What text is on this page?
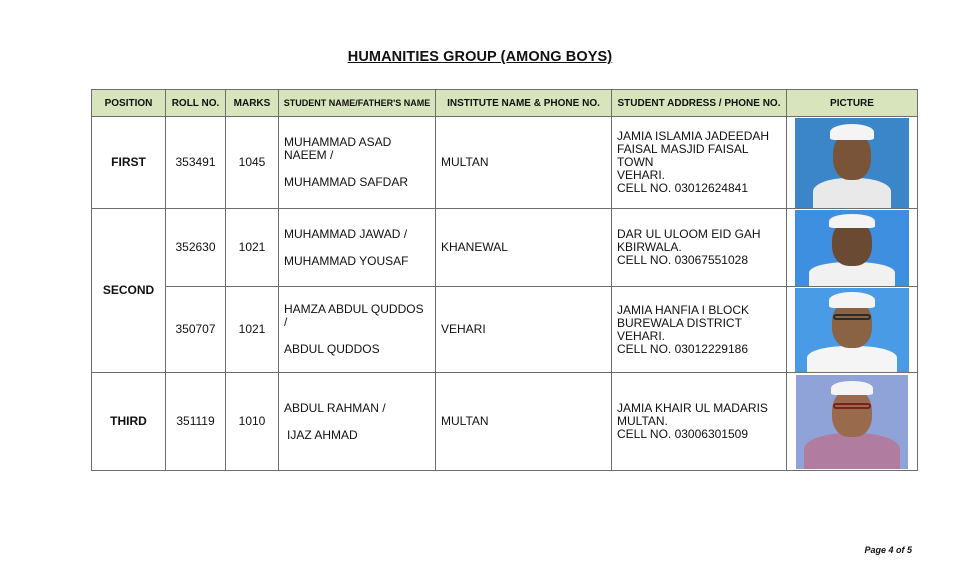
HUMANITIES GROUP (AMONG BOYS)
POSITION	ROLL NO.	MARKS	STUDENT NAME/FATHER'S NAME	INSTITUTE NAME & PHONE NO.	STUDENT ADDRESS / PHONE NO.	PICTURE
FIRST	353491	1045	MUHAMMAD ASAD
NAEEM /
MUHAMMAD SAFDAR	MULTAN	JAMIA ISLAMIA JADEEDAH
FAISAL MASJID FAISAL TOWN
VEHARI.
CELL NO. 03012624841	

SECOND	352630	1021	MUHAMMAD JAWAD /
MUHAMMAD YOUSAF	KHANEWAL	DAR UL ULOOM EID GAH
KBIRWALA.
CELL NO. 03067551028	

	350707	1021	HAMZA ABDUL QUDDOS /
ABDUL QUDDOS	VEHARI	JAMIA HANFIA I BLOCK
BUREWALA DISTRICT
VEHARI.
CELL NO. 03012229186	

THIRD	351119	1010	ABDUL RAHMAN /
IJAZ AHMAD	MULTAN	JAMIA KHAIR UL MADARIS
MULTAN.
CELL NO. 03006301509	

Page 4 of 5
